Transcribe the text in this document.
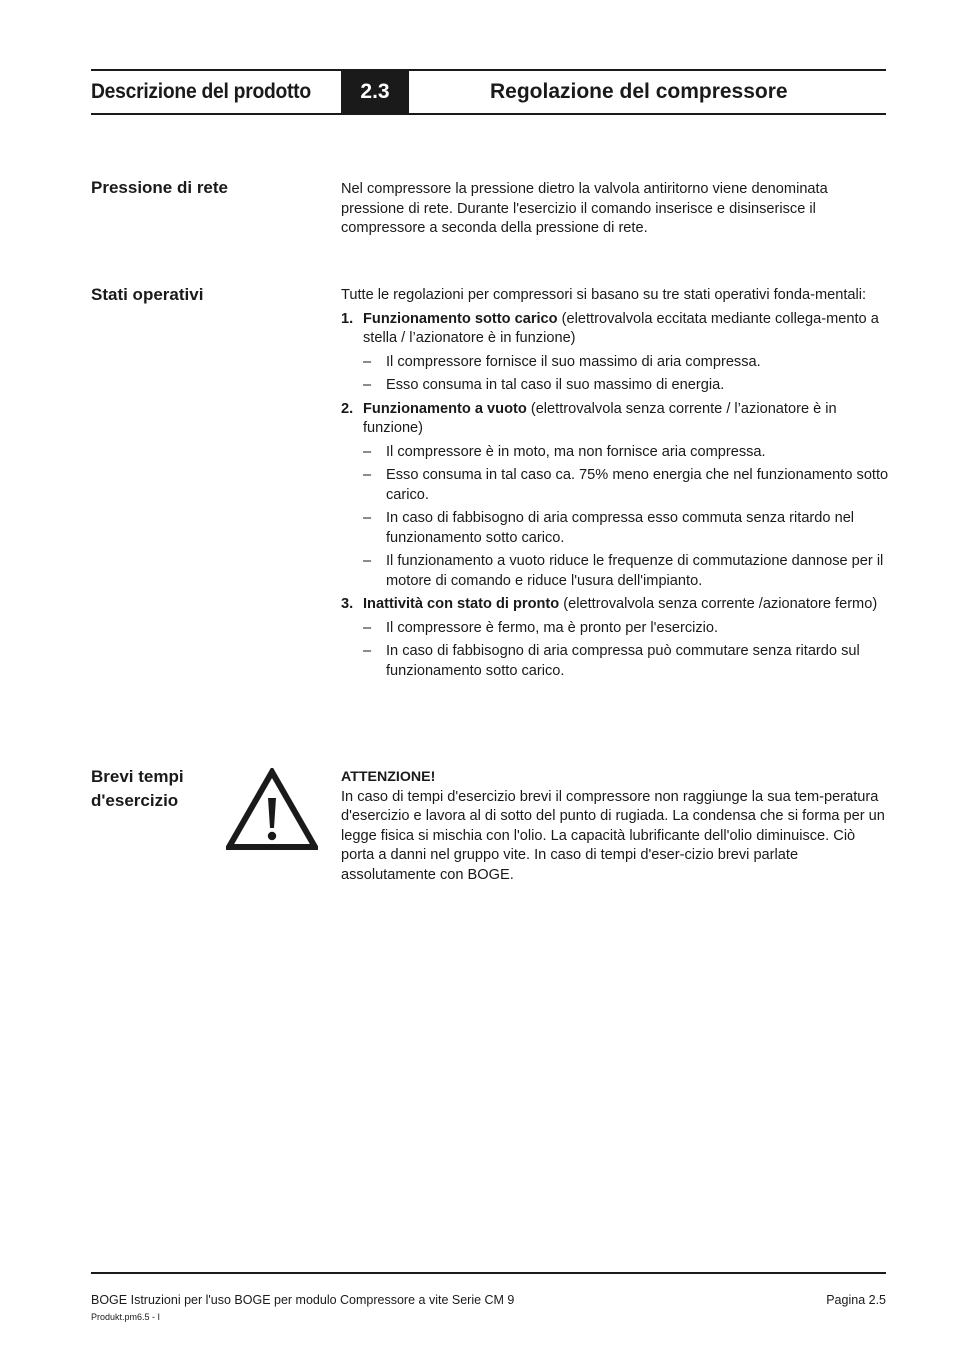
Descrizione del prodotto	2.3	Regolazione del compressore
Pressione di rete	Nel compressore la pressione dietro la valvola antiritorno viene denominata pressione di rete. Durante l'esercizio il comando inserisce e disinserisce il compressore a seconda della pressione di rete.

Stati operativi	Tutte le regolazioni per compressori si basano su tre stati operativi fonda-mentali:

1. Funzionamento sotto carico (elettrovalvola eccitata mediante collega-mento a stella / l’azionatore è in funzione)
–	Il compressore fornisce il suo massimo di aria compressa.
–	Esso consuma in tal caso il suo massimo di energia.
2. Funzionamento a vuoto (elettrovalvola senza corrente / l’azionatore è in funzione)
–	Il compressore è in moto, ma non fornisce aria compressa.
–	Esso consuma in tal caso ca. 75% meno energia che nel funzionamento sotto carico.
–	In caso di fabbisogno di aria compressa esso commuta senza ritardo nel funzionamento sotto carico.
–	Il funzionamento a vuoto riduce le frequenze di commutazione dannose per il motore di comando e riduce l'usura dell'impianto.
3. Inattività con stato di pronto (elettrovalvola senza corrente /azionatore fermo)
–	Il compressore è fermo, ma è pronto per l'esercizio.
–	In caso di fabbisogno di aria compressa può commutare senza ritardo sul funzionamento sotto carico.
Brevi tempi
d'esercizio

ATTENZIONE!

In caso di tempi d'esercizio brevi il compressore non raggiunge la sua tem-peratura d'esercizio e lavora al di sotto del punto di rugiada. La condensa che si forma per un legge fisica si mischia con l'olio. La capacità lubrificante dell'olio diminuisce. Ciò porta a danni nel gruppo vite. In caso di tempi d'eser-cizio brevi parlate assolutamente con BOGE.

BOGE Istruzioni per l'uso BOGE per modulo Compressore a vite Serie CM 9	Pagina 2.5
Produkt.pm6.5 - I
